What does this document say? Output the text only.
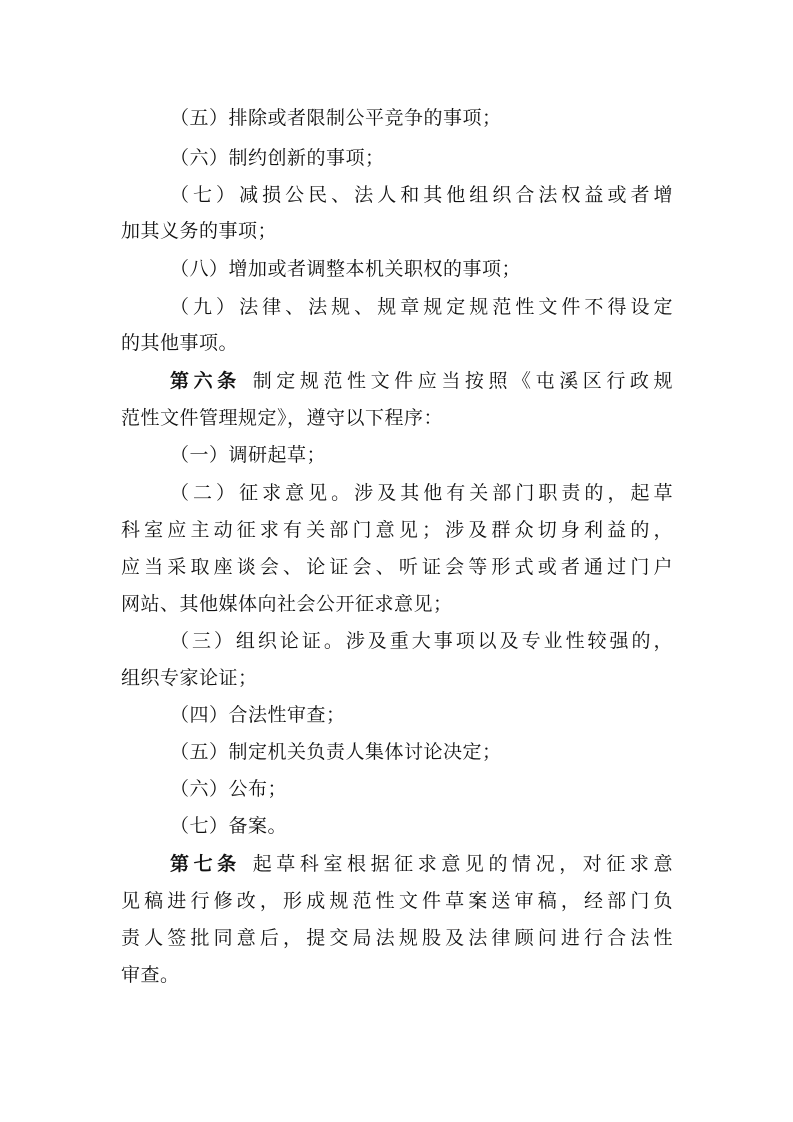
（五）排除或者限制公平竞争的事项；
（六）制约创新的事项；
（七）减损公民、法人和其他组织合法权益或者增
加其义务的事项；
（八）增加或者调整本机关职权的事项；
（九）法律、法规、规章规定规范性文件不得设定
的其他事项。
第六条 制定规范性文件应当按照《屯溪区行政规
范性文件管理规定》，遵守以下程序：
（一）调研起草；
（二）征求意见。涉及其他有关部门职责的，起草
科室应主动征求有关部门意见；涉及群众切身利益的，
应当采取座谈会、论证会、听证会等形式或者通过门户
网站、其他媒体向社会公开征求意见；
（三）组织论证。涉及重大事项以及专业性较强的，
组织专家论证；
（四）合法性审查；
（五）制定机关负责人集体讨论决定；
（六）公布；
（七）备案。
第七条 起草科室根据征求意见的情况，对征求意
见稿进行修改，形成规范性文件草案送审稿，经部门负
责人签批同意后，提交局法规股及法律顾问进行合法性
审查。
